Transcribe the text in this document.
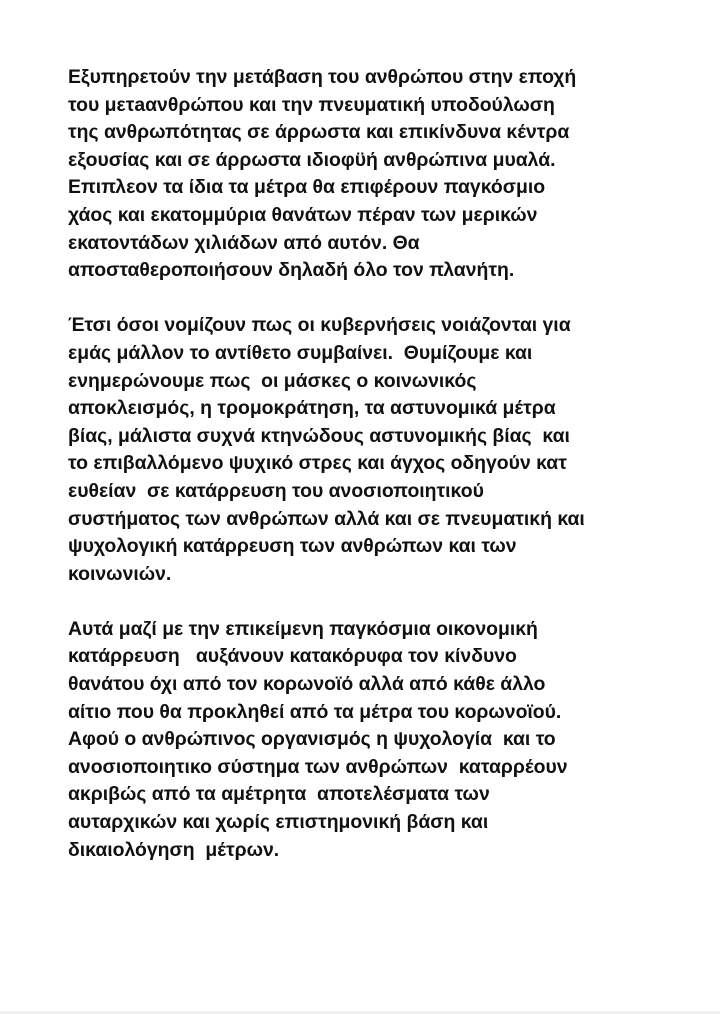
Εξυπηρετούν την μετάβαση του ανθρώπου στην εποχή
του μετaανθρώπου και την πνευματική υποδούλωση
της ανθρωπότητας σε άρρωστα και επικίνδυνα κέντρα
εξουσίας και σε άρρωστα ιδιοφϋή ανθρώπινα μυαλά.
Επιπλεον τα ίδια τα μέτρα θα επιφέρουν παγκόσμιο
χάος και εκατομμύρια θανάτων πέραν των μερικών
εκατοντάδων χιλιάδων από αυτόν. Θα
αποσταθεροποιήσουν δηλαδή όλο τον πλανήτη.

Έτσι όσοι νομίζουν πως οι κυβερνήσεις νοιάζονται για
εμάς μάλλον το αντίθετο συμβαίνει.  Θυμίζουμε και
ενημερώνουμε πως  οι μάσκες ο κοινωνικός
αποκλεισμός, η τρομοκράτηση, τα αστυνομικά μέτρα
βίας, μάλιστα συχνά κτηνώδους αστυνομικής βίας  και
το επιβαλλόμενο ψυχικό στρες και άγχος οδηγούν κατ
ευθείαν  σε κατάρρευση του ανοσιοποιητικού
συστήματος των ανθρώπων αλλά και σε πνευματική και
ψυχολογική κατάρρευση των ανθρώπων και των
κοινωνιών.

Αυτά μαζί με την επικείμενη παγκόσμια οικονομική
κατάρρευση   αυξάνουν κατακόρυφα τον κίνδυνο
θανάτου όχι από τον κορωνοϊό αλλά από κάθε άλλο
αίτιο που θα προκληθεί από τα μέτρα του κορωνοϊού.
Αφού ο ανθρώπινος οργανισμός η ψυχολογία  και το
ανοσιοποιητικο σύστημα των ανθρώπων  καταρρέουν
ακριβώς από τα αμέτρητα  αποτελέσματα των
αυταρχικών και χωρίς επιστημονική βάση και
δικαιολόγηση  μέτρων.
